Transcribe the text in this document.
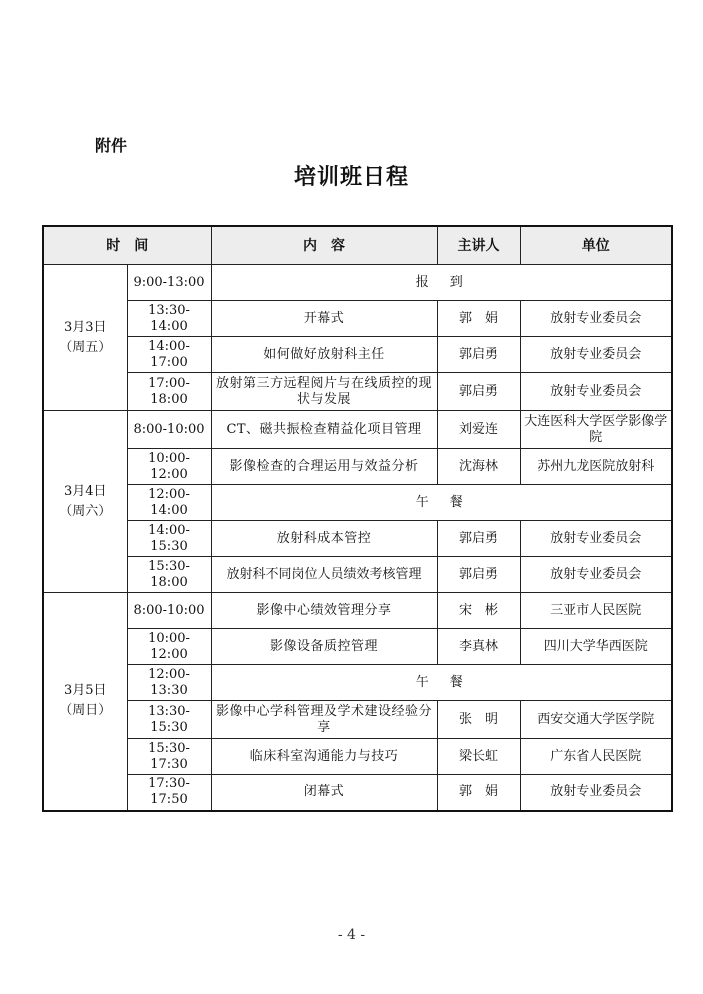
附件
培训班日程
时　间		内　容	主讲人	单位

3月3日
（周五）	9:00-13:00	报　到		
	13:30-14:00	开幕式	郭　娟	放射专业委员会
	14:00-17:00	如何做好放射科主任	郭启勇	放射专业委员会
	17:00-18:00	放射第三方远程阅片与在线质控的现状与发展	郭启勇	放射专业委员会

3月4日
（周六）	8:00-10:00	CT、磁共振检查精益化项目管理	刘爱连	大连医科大学医学影像学院
	10:00-12:00	影像检查的合理运用与效益分析	沈海林	苏州九龙医院放射科
	12:00-14:00	午　餐		
	14:00-15:30	放射科成本管控	郭启勇	放射专业委员会
	15:30-18:00	放射科不同岗位人员绩效考核管理	郭启勇	放射专业委员会

3月5日
（周日）	8:00-10:00	影像中心绩效管理分享	宋　彬	三亚市人民医院
	10:00-12:00	影像设备质控管理	李真林	四川大学华西医院
	12:00-13:30	午　餐		
	13:30-15:30	影像中心学科管理及学术建设经验分享	张　明	西安交通大学医学院
	15:30-17:30	临床科室沟通能力与技巧	梁长虹	广东省人民医院
	17:30-17:50	闭幕式	郭　娟	放射专业委员会
- 4 -
